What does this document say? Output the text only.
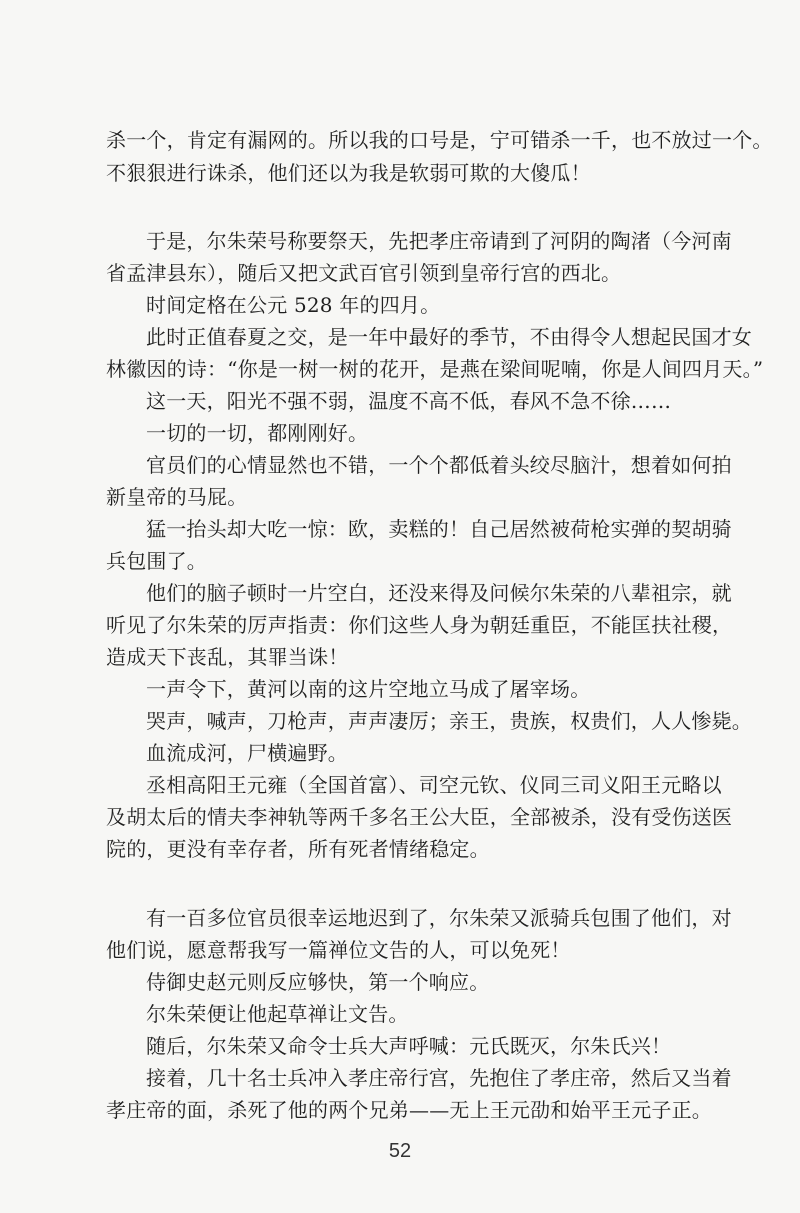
杀一个，肯定有漏网的。所以我的口号是，宁可错杀一千，也不放过一个。
不狠狠进行诛杀，他们还以为我是软弱可欺的大傻瓜！
于是，尔朱荣号称要祭天，先把孝庄帝请到了河阴的陶渚（今河南
省孟津县东），随后又把文武百官引领到皇帝行宫的西北。
时间定格在公元 528 年的四月。
此时正值春夏之交，是一年中最好的季节，不由得令人想起民国才女
林徽因的诗：“你是一树一树的花开，是燕在梁间呢喃，你是人间四月天。”
这一天，阳光不强不弱，温度不高不低，春风不急不徐……
一切的一切，都刚刚好。
官员们的心情显然也不错，一个个都低着头绞尽脑汁，想着如何拍
新皇帝的马屁。
猛一抬头却大吃一惊：欧，卖糕的！自己居然被荷枪实弹的契胡骑
兵包围了。
他们的脑子顿时一片空白，还没来得及问候尔朱荣的八辈祖宗，就
听见了尔朱荣的厉声指责：你们这些人身为朝廷重臣，不能匡扶社稷，
造成天下丧乱，其罪当诛！
一声令下，黄河以南的这片空地立马成了屠宰场。
哭声，喊声，刀枪声，声声凄厉；亲王，贵族，权贵们，人人惨毙。
血流成河，尸横遍野。
丞相高阳王元雍（全国首富）、司空元钦、仪同三司义阳王元略以
及胡太后的情夫李神轨等两千多名王公大臣，全部被杀，没有受伤送医
院的，更没有幸存者，所有死者情绪稳定。
有一百多位官员很幸运地迟到了，尔朱荣又派骑兵包围了他们，对
他们说，愿意帮我写一篇禅位文告的人，可以免死！
侍御史赵元则反应够快，第一个响应。
尔朱荣便让他起草禅让文告。
随后，尔朱荣又命令士兵大声呼喊：元氏既灭，尔朱氏兴！
接着，几十名士兵冲入孝庄帝行宫，先抱住了孝庄帝，然后又当着
孝庄帝的面，杀死了他的两个兄弟——无上王元劭和始平王元子正。
52
